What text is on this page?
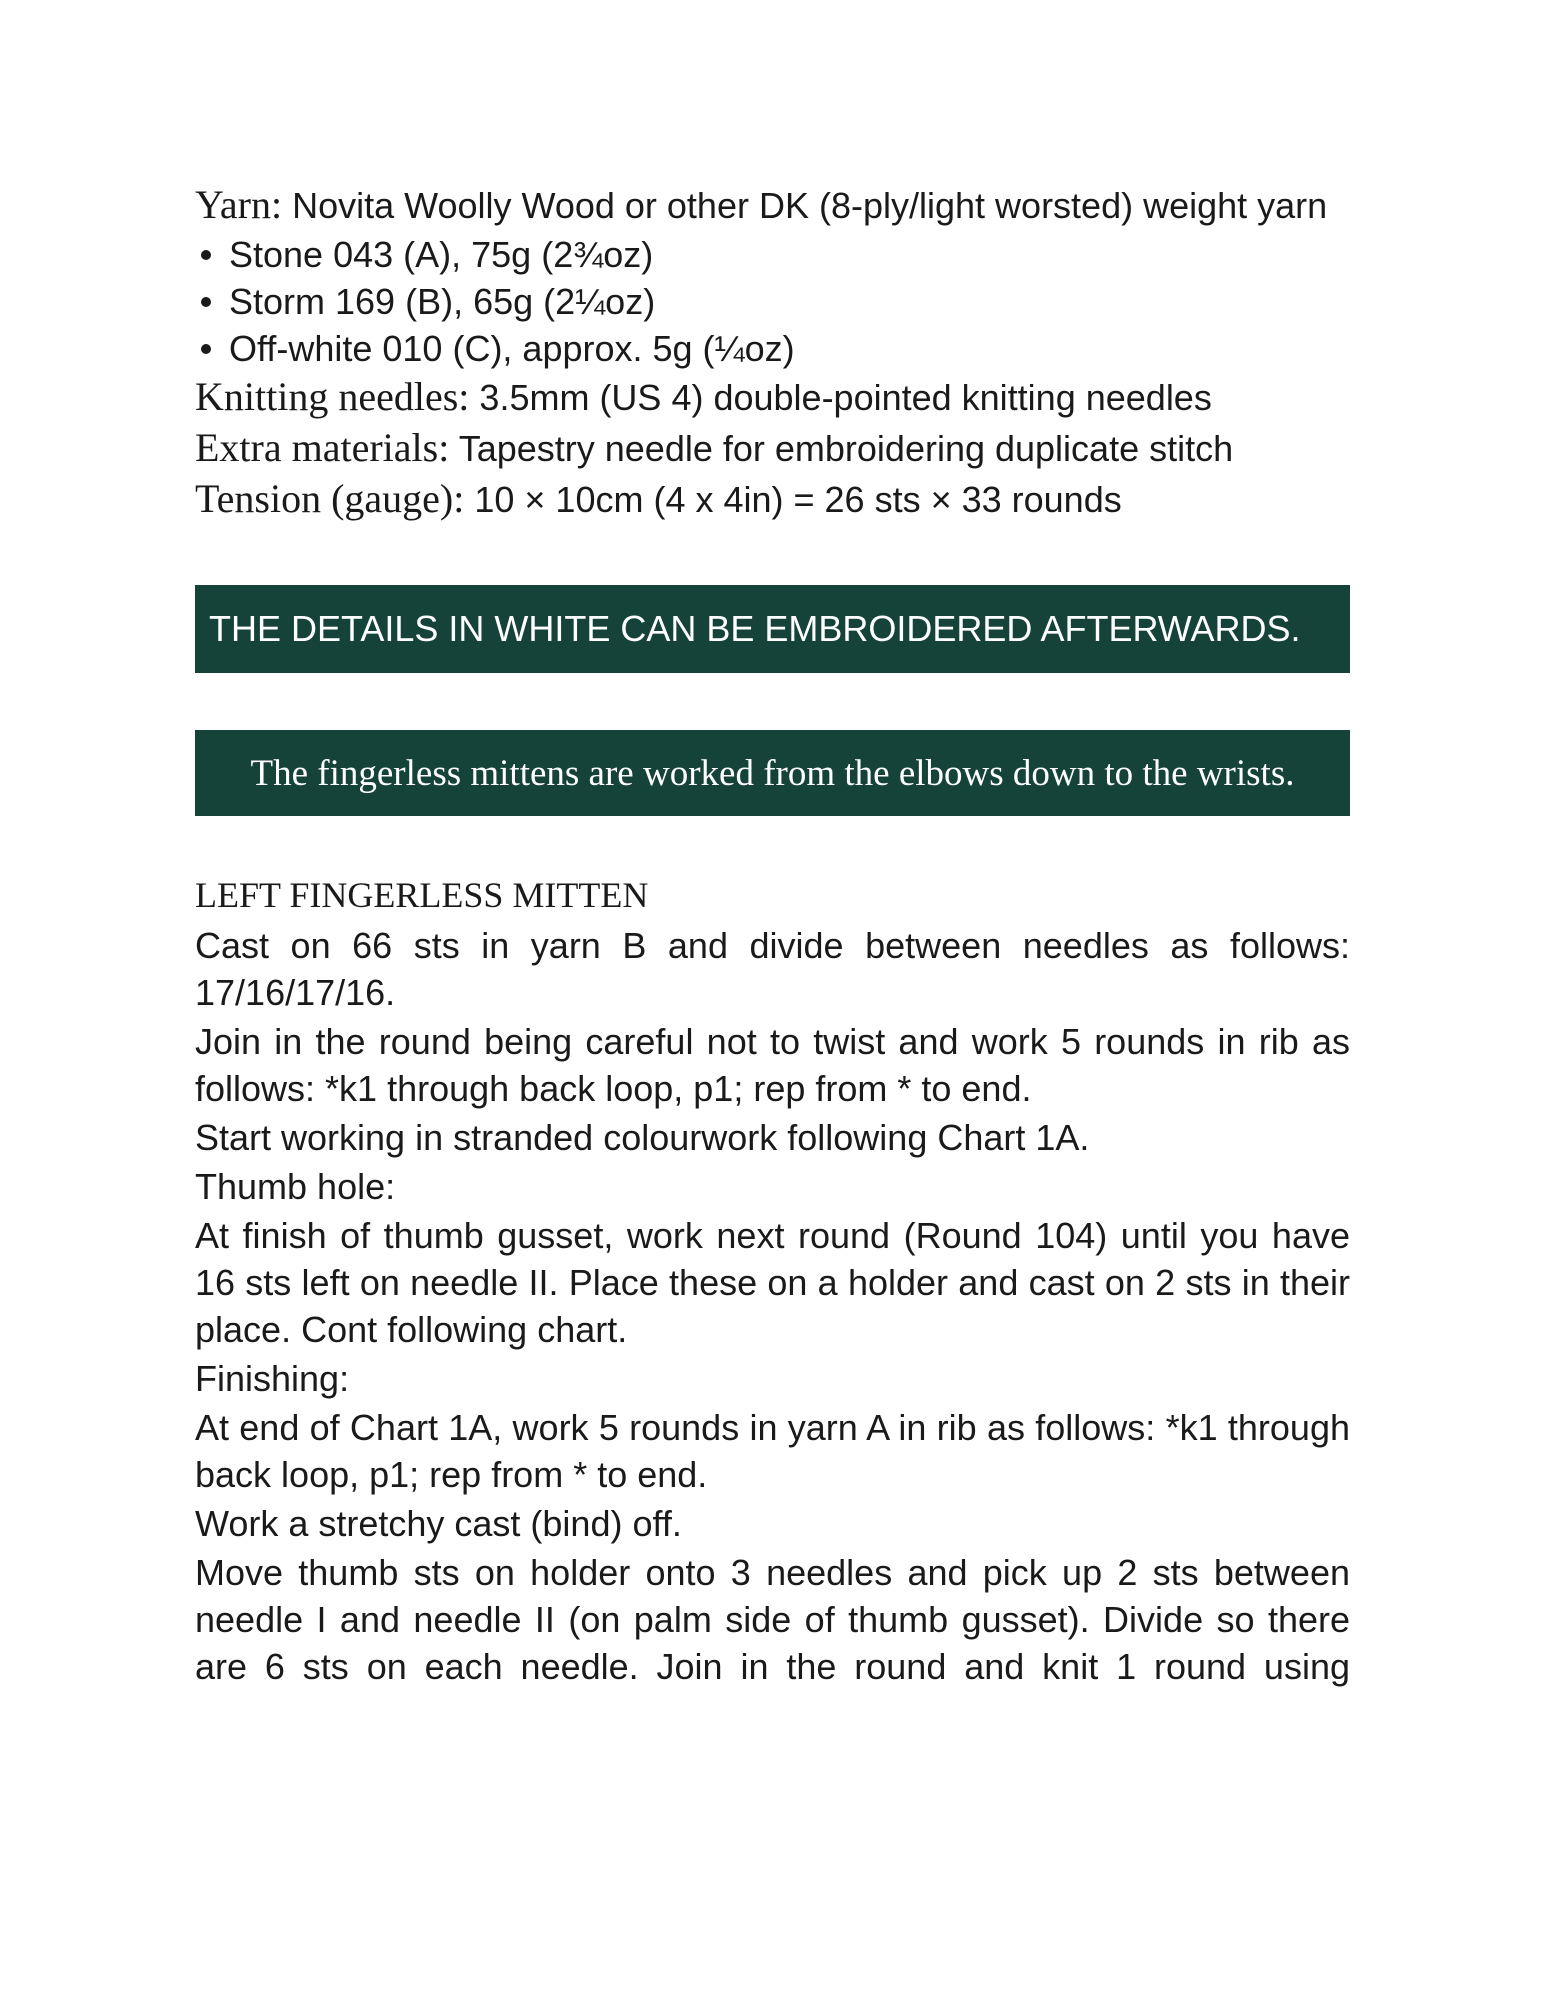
Yarn: Novita Woolly Wood or other DK (8-ply/light worsted) weight yarn

Stone 043 (A), 75g (2¾oz)
Storm 169 (B), 65g (2¼oz)
Off-white 010 (C), approx. 5g (¼oz)

Knitting needles: 3.5mm (US 4) double-pointed knitting needles

Extra materials: Tapestry needle for embroidering duplicate stitch

Tension (gauge): 10 × 10cm (4 x 4in) = 26 sts × 33 rounds

THE DETAILS IN WHITE CAN BE EMBROIDERED AFTERWARDS.
The fingerless mittens are worked from the elbows down to the wrists.
LEFT FINGERLESS MITTEN

Cast on 66 sts in yarn B and divide between needles as follows: 17/16/17/16.

Join in the round being careful not to twist and work 5 rounds in rib as follows: *k1 through back loop, p1; rep from * to end.

Start working in stranded colourwork following Chart 1A.

Thumb hole:

At finish of thumb gusset, work next round (Round 104) until you have 16 sts left on needle II. Place these on a holder and cast on 2 sts in their place. Cont following chart.

Finishing:

At end of Chart 1A, work 5 rounds in yarn A in rib as follows: *k1 through back loop, p1; rep from * to end.

Work a stretchy cast (bind) off.

Move thumb sts on holder onto 3 needles and pick up 2 sts between needle I and needle II (on palm side of thumb gusset). Divide so there are 6 sts on each needle. Join in the round and knit 1 round using
